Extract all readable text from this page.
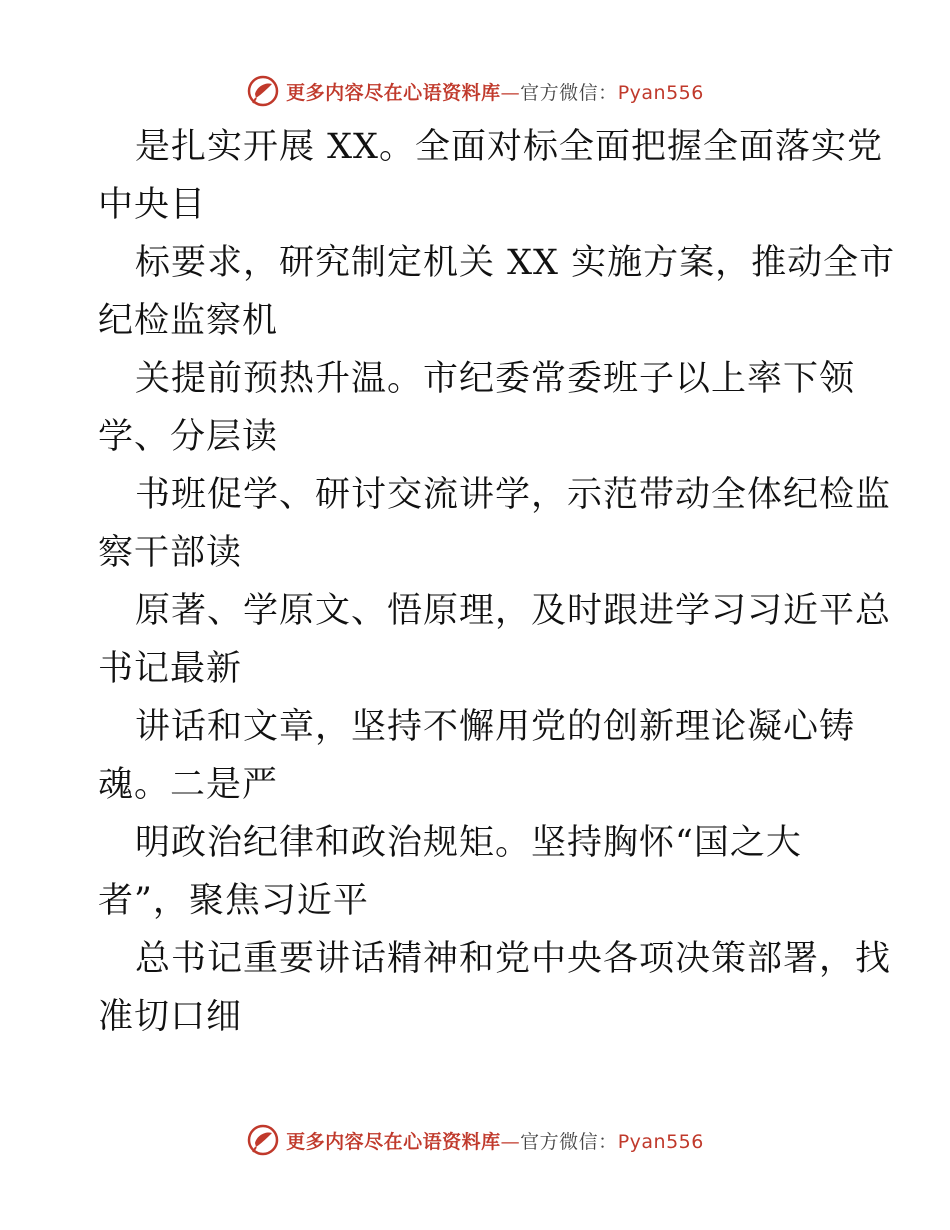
更多内容尽在心语资料库—官方微信：Pyan556
是扎实开展 XX。全面对标全面把握全面落实党
中央目
标要求，研究制定机关 XX 实施方案，推动全市
纪检监察机
关提前预热升温。市纪委常委班子以上率下领
学、分层读
书班促学、研讨交流讲学，示范带动全体纪检监
察干部读
原著、学原文、悟原理，及时跟进学习习近平总
书记最新
讲话和文章，坚持不懈用党的创新理论凝心铸
魂。二是严
明政治纪律和政治规矩。坚持胸怀“国之大
者”，聚焦习近平
总书记重要讲话精神和党中央各项决策部署，找
准切口细
更多内容尽在心语资料库—官方微信：Pyan556
